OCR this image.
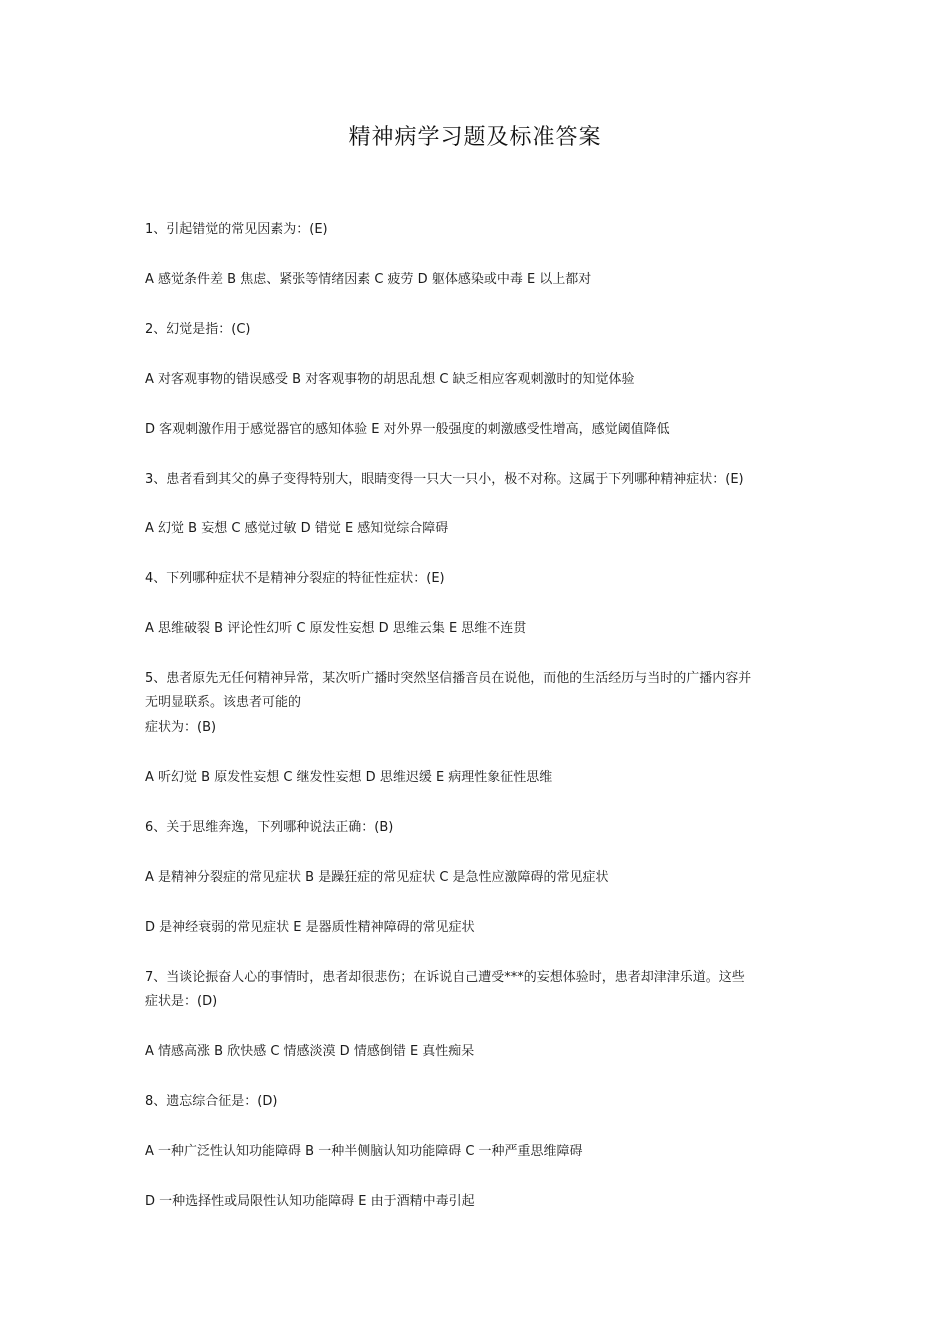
精神病学习题及标准答案
1、引起错觉的常见因素为：(E)
A 感觉条件差 B 焦虑、紧张等情绪因素 C 疲劳 D 躯体感染或中毒 E 以上都对
2、幻觉是指：(C)
A 对客观事物的错误感受 B 对客观事物的胡思乱想 C 缺乏相应客观刺激时的知觉体验
D 客观刺激作用于感觉器官的感知体验 E 对外界一般强度的刺激感受性增高，感觉阈值降低
3、患者看到其父的鼻子变得特别大，眼睛变得一只大一只小，极不对称。这属于下列哪种精神症状：(E)
A 幻觉 B 妄想 C 感觉过敏 D 错觉 E 感知觉综合障碍
4、下列哪种症状不是精神分裂症的特征性症状：(E)
A 思维破裂 B 评论性幻听 C 原发性妄想 D 思维云集 E 思维不连贯
5、患者原先无任何精神异常，某次听广播时突然坚信播音员在说他，而他的生活经历与当时的广播内容并
无明显联系。该患者可能的
症状为：(B)
A 听幻觉 B 原发性妄想 C 继发性妄想 D 思维迟缓 E 病理性象征性思维
6、关于思维奔逸，下列哪种说法正确：(B)
A 是精神分裂症的常见症状 B 是躁狂症的常见症状 C 是急性应激障碍的常见症状
D 是神经衰弱的常见症状 E 是器质性精神障碍的常见症状
7、当谈论振奋人心的事情时，患者却很悲伤；在诉说自己遭受***的妄想体验时，患者却津津乐道。这些
症状是：(D)
A 情感高涨 B 欣快感 C 情感淡漠 D 情感倒错 E 真性痴呆
8、遗忘综合征是：(D)
A 一种广泛性认知功能障碍 B 一种半侧脑认知功能障碍 C 一种严重思维障碍
D 一种选择性或局限性认知功能障碍 E 由于酒精中毒引起
